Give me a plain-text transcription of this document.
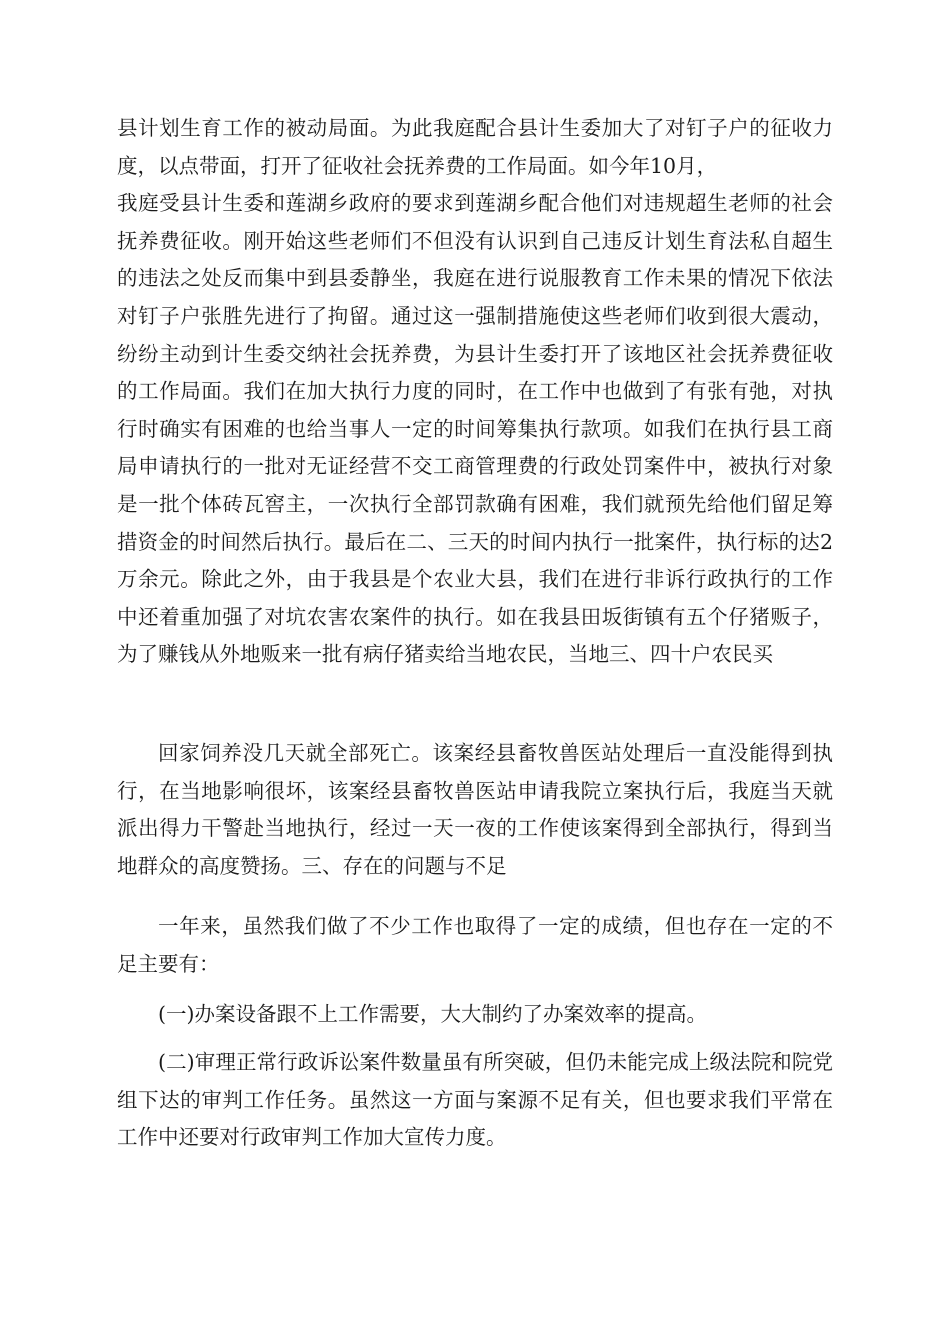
县计划生育工作的被动局面。为此我庭配合县计生委加大了对钉子户的征收力度，以点带面，打开了征收社会抚养费的工作局面。如今年10月，
我庭受县计生委和莲湖乡政府的要求到莲湖乡配合他们对违规超生老师的社会抚养费征收。刚开始这些老师们不但没有认识到自己违反计划生育法私自超生的违法之处反而集中到县委静坐，我庭在进行说服教育工作未果的情况下依法对钉子户张胜先进行了拘留。通过这一强制措施使这些老师们收到很大震动，纷纷主动到计生委交纳社会抚养费，为县计生委打开了该地区社会抚养费征收的工作局面。我们在加大执行力度的同时，在工作中也做到了有张有弛，对执行时确实有困难的也给当事人一定的时间筹集执行款项。如我们在执行县工商局申请执行的一批对无证经营不交工商管理费的行政处罚案件中，被执行对象是一批个体砖瓦窖主，一次执行全部罚款确有困难，我们就预先给他们留足筹措资金的时间然后执行。最后在二、三天的时间内执行一批案件，执行标的达2万余元。除此之外，由于我县是个农业大县，我们在进行非诉行政执行的工作中还着重加强了对坑农害农案件的执行。如在我县田坂街镇有五个仔猪贩子，为了赚钱从外地贩来一批有病仔猪卖给当地农民，当地三、四十户农民买

回家饲养没几天就全部死亡。该案经县畜牧兽医站处理后一直没能得到执行，在当地影响很坏，该案经县畜牧兽医站申请我院立案执行后，我庭当天就派出得力干警赴当地执行，经过一天一夜的工作使该案得到全部执行，得到当地群众的高度赞扬。三、存在的问题与不足

一年来，虽然我们做了不少工作也取得了一定的成绩，但也存在一定的不足主要有：

(一)办案设备跟不上工作需要，大大制约了办案效率的提高。

(二)审理正常行政诉讼案件数量虽有所突破，但仍未能完成上级法院和院党组下达的审判工作任务。虽然这一方面与案源不足有关，但也要求我们平常在工作中还要对行政审判工作加大宣传力度。
